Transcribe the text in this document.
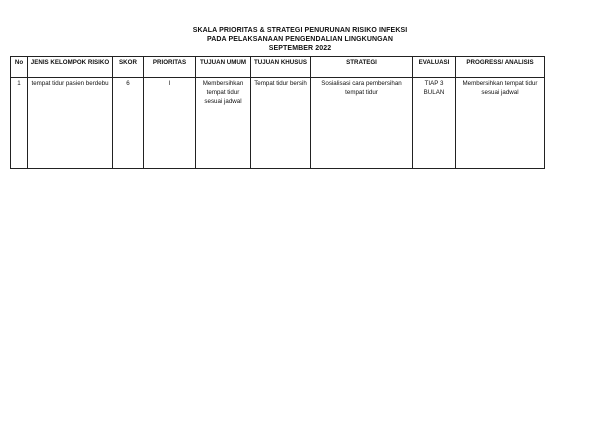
SKALA PRIORITAS & STRATEGI PENURUNAN RISIKO INFEKSI
PADA PELAKSANAAN PENGENDALIAN LINGKUNGAN
SEPTEMBER 2022
No	JENIS KELOMPOK RISIKO	SKOR	PRIORITAS	TUJUAN UMUM	TUJUAN KHUSUS	STRATEGI	EVALUASI	PROGRESS/ ANALISIS
1	tempat tidur pasien berdebu	6	I	Membersihkan tempat tidur sesuai jadwal	Tempat tidur bersih	Sosialisasi cara pembersihan tempat tidur	TIAP 3 BULAN	Membersihkan tempat tidur sesuai jadwal
